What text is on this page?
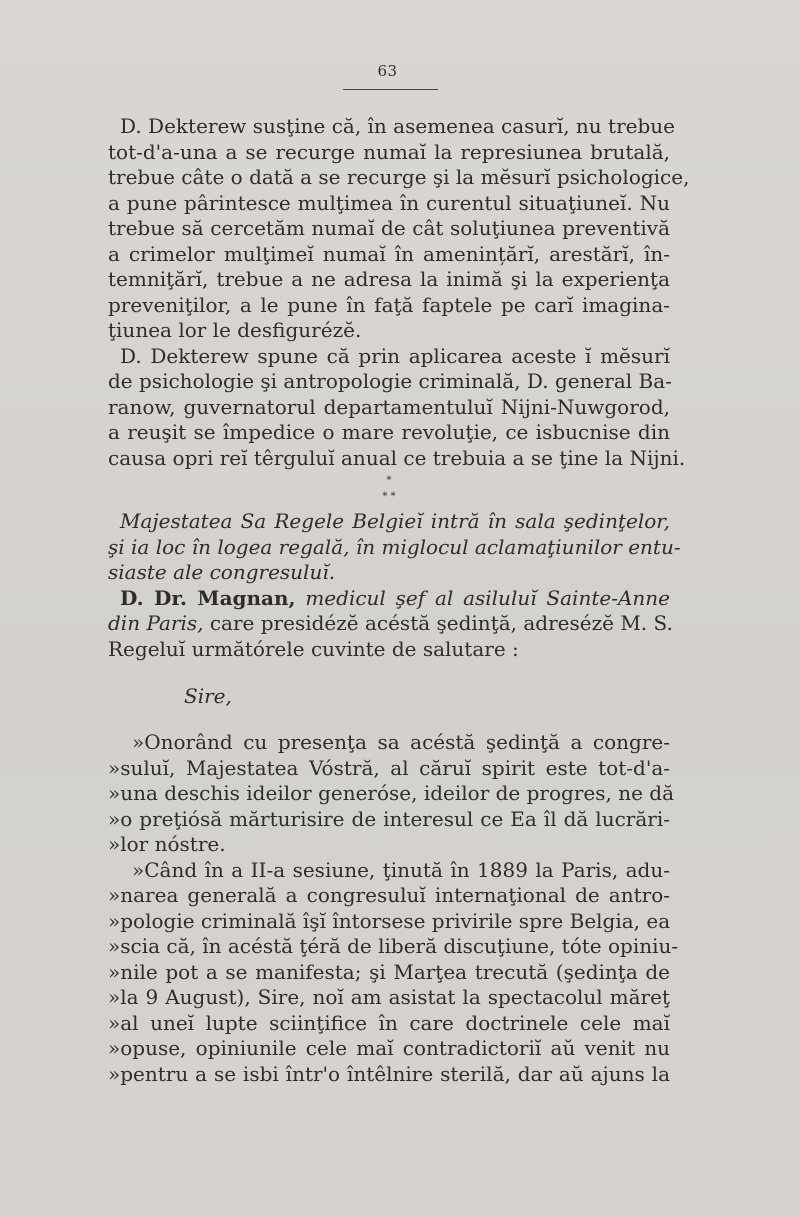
63
D. Dekterew susţine că, în asemenea casurĭ, nu trebue
tot-d'a-una a se recurge numaĭ la represiunea brutală,
trebue câte o dată a se recurge şi la mĕsurĭ psichologice,
a pune pârintesce mulţimea în curentul situaţiuneĭ. Nu
trebue să cercetăm numaĭ de cât soluţiunea preventivă
a crimelor mulţimeĭ numaĭ în amenințărĭ, arestărĭ, în-
temniţărĭ, trebue a ne adresa la inimă şi la experienţa
preveniţilor, a le pune în faţă faptele pe carĭ imagina-
ţiunea lor le desfigurézĕ.
D. Dekterew spune că prin aplicarea aceste ĭ mĕsurĭ
de psichologie şi antropologie criminală, D. general Ba-
ranow, guvernatorul departamentuluĭ Nijni-Nuwgorod,
a reuşit se împedice o mare revoluţie, ce isbucnise din
causa opri reĭ têrguluĭ anual ce trebuia a se ţine la Nijni.
*
* *
Majestatea Sa Regele Belgieĭ intră în sala şedinţelor,
şi ia loc în logea regală, în miglocul aclamaţiunilor entu-
siaste ale congresuluĭ.
D. Dr. Magnan, medicul şef al asiluluĭ Sainte-Anne
din Paris, care presidézĕ acéstă şedinţă, adresézĕ M. S.
Regeluĭ următórele cuvinte de salutare :
Sire,
»Onorând cu presenţa sa acéstă şedinţă a congre-
»suluĭ, Majestatea Vóstră, al căruĭ spirit este tot-d'a-
»una deschis ideilor generóse, ideilor de progres, ne dă
»o preţiósă mărturisire de interesul ce Ea îl dă lucrări-
»lor nóstre.
»Când în a II-a sesiune, ţinută în 1889 la Paris, adu-
»narea generală a congresuluĭ internaţional de antro-
»pologie criminală îşĭ întorsese privirile spre Belgia, ea
»scia că, în acéstă ţéră de liberă discuţiune, tóte opiniu-
»nile pot a se manifesta; şi Marţea trecută (şedinţa de
»la 9 August), Sire, noĭ am asistat la spectacolul măreţ
»al uneĭ lupte sciinţifice în care doctrinele cele maĭ
»opuse, opiniunile cele maĭ contradictoriĭ aŭ venit nu
»pentru a se isbi într'o întêlnire sterilă, dar aŭ ajuns la
